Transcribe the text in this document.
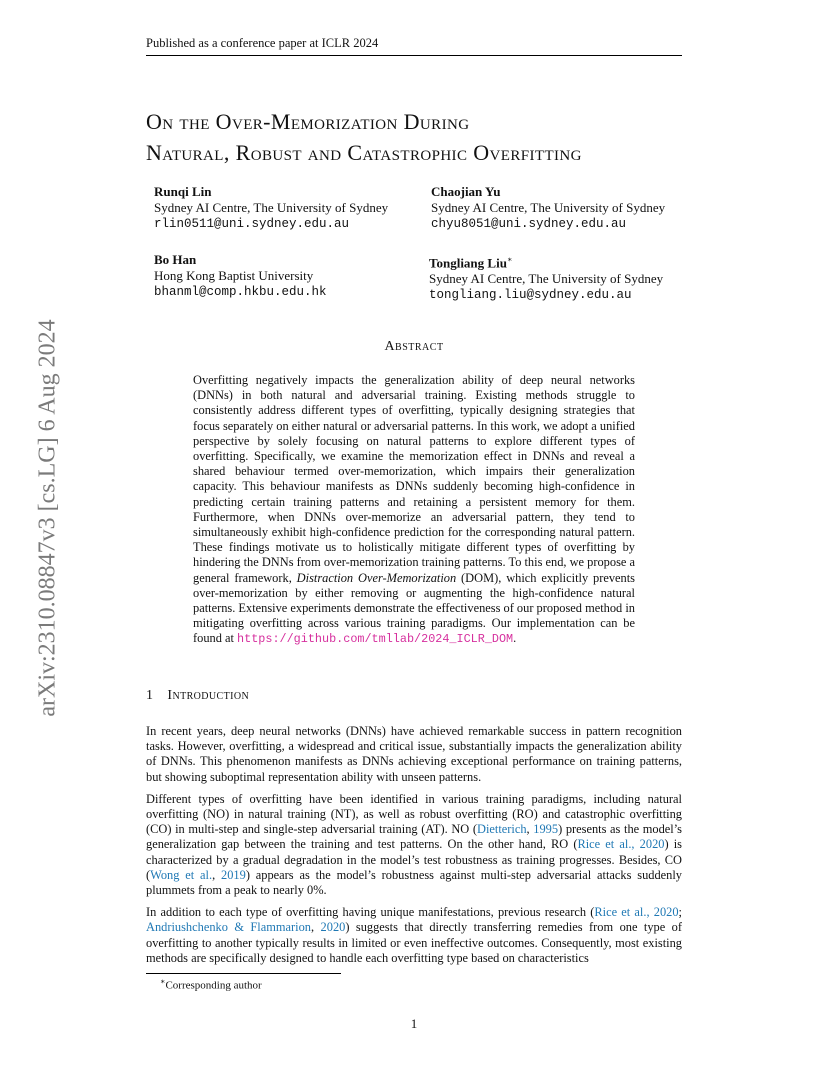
Published as a conference paper at ICLR 2024
On the Over-Memorization During
Natural, Robust and Catastrophic Overfitting
Runqi Lin
Sydney AI Centre, The University of Sydney
rlin0511@uni.sydney.edu.au
Chaojian Yu
Sydney AI Centre, The University of Sydney
chyu8051@uni.sydney.edu.au
Bo Han
Hong Kong Baptist University
bhanml@comp.hkbu.edu.hk
Tongliang Liu∗
Sydney AI Centre, The University of Sydney
tongliang.liu@sydney.edu.au
Abstract
Overfitting negatively impacts the generalization ability of deep neural networks (DNNs) in both natural and adversarial training. Existing methods struggle to consistently address different types of overfitting, typically designing strategies that focus separately on either natural or adversarial patterns. In this work, we adopt a unified perspective by solely focusing on natural patterns to explore different types of overfitting. Specifically, we examine the memorization effect in DNNs and reveal a shared behaviour termed over-memorization, which impairs their generalization capacity. This behaviour manifests as DNNs suddenly becoming high-confidence in predicting certain training patterns and retaining a persistent memory for them. Furthermore, when DNNs over-memorize an adversarial pattern, they tend to simultaneously exhibit high-confidence prediction for the corresponding natural pattern. These findings motivate us to holistically mitigate different types of overfitting by hindering the DNNs from over-memorization training patterns. To this end, we propose a general framework, Distraction Over-Memorization (DOM), which explicitly prevents over-memorization by either removing or augmenting the high-confidence natural patterns. Extensive experiments demonstrate the effectiveness of our proposed method in mitigating overfitting across various training paradigms. Our implementation can be found at https://github.com/tmllab/2024_ICLR_DOM.
1 Introduction

In recent years, deep neural networks (DNNs) have achieved remarkable success in pattern recognition tasks. However, overfitting, a widespread and critical issue, substantially impacts the generalization ability of DNNs. This phenomenon manifests as DNNs achieving exceptional performance on training patterns, but showing suboptimal representation ability with unseen patterns.

Different types of overfitting have been identified in various training paradigms, including natural overfitting (NO) in natural training (NT), as well as robust overfitting (RO) and catastrophic overfitting (CO) in multi-step and single-step adversarial training (AT). NO (Dietterich, 1995) presents as the model’s generalization gap between the training and test patterns. On the other hand, RO (Rice et al., 2020) is characterized by a gradual degradation in the model’s test robustness as training progresses. Besides, CO (Wong et al., 2019) appears as the model’s robustness against multi-step adversarial attacks suddenly plummets from a peak to nearly 0%.

In addition to each type of overfitting having unique manifestations, previous research (Rice et al., 2020; Andriushchenko & Flammarion, 2020) suggests that directly transferring remedies from one type of overfitting to another typically results in limited or even ineffective outcomes. Consequently, most existing methods are specifically designed to handle each overfitting type based on characteristics

∗Corresponding author
1
arXiv:2310.08847v3 [cs.LG] 6 Aug 2024
